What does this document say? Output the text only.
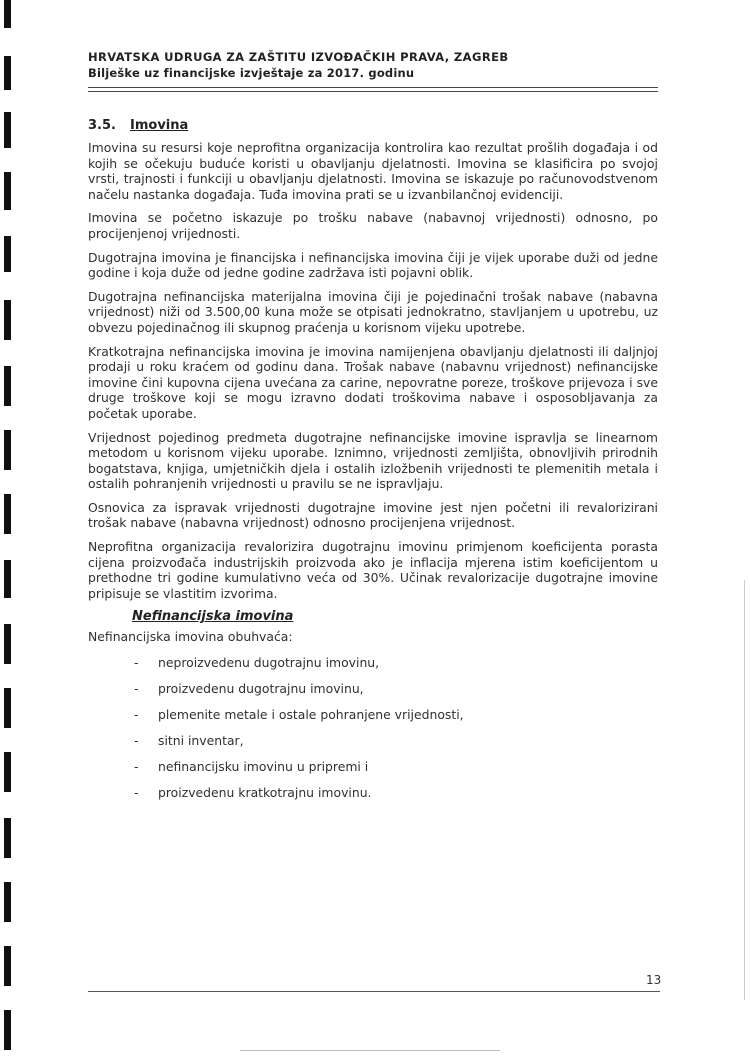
HRVATSKA UDRUGA ZA ZAŠTITU IZVOĐAČKIH PRAVA, ZAGREB
Bilješke uz financijske izvještaje za 2017. godinu
3.5. Imovina

Imovina su resursi koje neprofitna organizacija kontrolira kao rezultat prošlih događaja i od kojih se očekuju buduće koristi u obavljanju djelatnosti. Imovina se klasificira po svojoj vrsti, trajnosti i funkciji u obavljanju djelatnosti. Imovina se iskazuje po računovodstvenom načelu nastanka događaja. Tuđa imovina prati se u izvanbilančnoj evidenciji.

Imovina se početno iskazuje po trošku nabave (nabavnoj vrijednosti) odnosno, po procijenjenoj vrijednosti.

Dugotrajna imovina je financijska i nefinancijska imovina čiji je vijek uporabe duži od jedne godine i koja duže od jedne godine zadržava isti pojavni oblik.

Dugotrajna nefinancijska materijalna imovina čiji je pojedinačni trošak nabave (nabavna vrijednost) niži od 3.500,00 kuna može se otpisati jednokratno, stavljanjem u upotrebu, uz obvezu pojedinačnog ili skupnog praćenja u korisnom vijeku upotrebe.

Kratkotrajna nefinancijska imovina je imovina namijenjena obavljanju djelatnosti ili daljnjoj prodaji u roku kraćem od godinu dana. Trošak nabave (nabavnu vrijednost) nefinancijske imovine čini kupovna cijena uvećana za carine, nepovratne poreze, troškove prijevoza i sve druge troškove koji se mogu izravno dodati troškovima nabave i osposobljavanja za početak uporabe.

Vrijednost pojedinog predmeta dugotrajne nefinancijske imovine ispravlja se linearnom metodom u korisnom vijeku uporabe. Iznimno, vrijednosti zemljišta, obnovljivih prirodnih bogatstava, knjiga, umjetničkih djela i ostalih izložbenih vrijednosti te plemenitih metala i ostalih pohranjenih vrijednosti u pravilu se ne ispravljaju.

Osnovica za ispravak vrijednosti dugotrajne imovine jest njen početni ili revalorizirani trošak nabave (nabavna vrijednost) odnosno procijenjena vrijednost.

Neprofitna organizacija revalorizira dugotrajnu imovinu primjenom koeficijenta porasta cijena proizvođača industrijskih proizvoda ako je inflacija mjerena istim koeficijentom u prethodne tri godine kumulativno veća od 30%. Učinak revalorizacije dugotrajne imovine pripisuje se vlastitim izvorima.

Nefinancijska imovina
Nefinancijska imovina obuhvaća:
- neproizvedenu dugotrajnu imovinu,
- proizvedenu dugotrajnu imovinu,
- plemenite metale i ostale pohranjene vrijednosti,
- sitni inventar,
- nefinancijsku imovinu u pripremi i
- proizvedenu kratkotrajnu imovinu.
13
